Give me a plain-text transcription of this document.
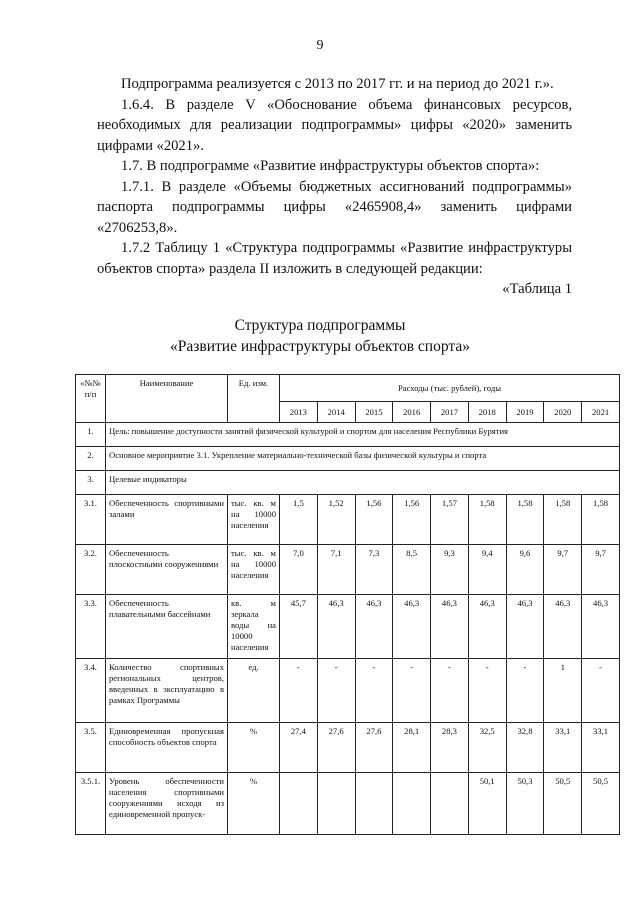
9

Подпрограмма реализуется с 2013 по 2017 гг. и на период до 2021 г.».

1.6.4. В разделе V «Обоснование объема финансовых ресурсов, необходимых для реализации подпрограммы» цифры «2020» заменить цифрами «2021».

1.7. В подпрограмме «Развитие инфраструктуры объектов спорта»:

1.7.1. В разделе «Объемы бюджетных ассигнований подпрограммы» паспорта подпрограммы цифры «2465908,4» заменить цифрами «2706253,8».

1.7.2 Таблицу 1 «Структура подпрограммы «Развитие инфраструктуры объектов спорта» раздела II изложить в следующей редакции:

«Таблица 1

Структура подпрограммы
«Развитие инфраструктуры объектов спорта»
«№№ п/п	Наименование	Ед. изм.	Расходы (тыс. рублей), годы								
			2013	2014	2015	2016	2017	2018	2019	2020	2021
1.	Цель: повышение доступности занятий физической культурой и спортом для населения Республики Бурятия										
2.	Основное мероприятие 3.1. Укрепление материально-технической базы физической культуры и спорта										
3.	Целевые индикаторы										
3.1.	Обеспеченность спортивными залами	тыс. кв. м на 10000 населения	1,5	1,52	1,56	1,56	1,57	1,58	1,58	1,58	1,58
3.2.	Обеспеченность плоскостными сооружениями	тыс. кв. м на 10000 населения	7,0	7,1	7,3	8,5	9,3	9,4	9,6	9,7	9,7
3.3.	Обеспеченность плавательными бассейнами	кв. м зеркала воды на 10000 населения	45,7	46,3	46,3	46,3	46,3	46,3	46,3	46,3	46,3
3.4.	Количество спортивных региональных центров, введенных в эксплуатацию в рамках Программы	ед.	-	-	-	-	-	-	-	1	-
3.5.	Единовременная пропускная способность объектов спорта	%	27,4	27,6	27,6	28,1	28,3	32,5	32,8	33,1	33,1
3.5.1.	Уровень обеспеченности населения спортивными сооружениями исходя из единовременной пропуск-	%						50,1	50,3	50,5	50,5
